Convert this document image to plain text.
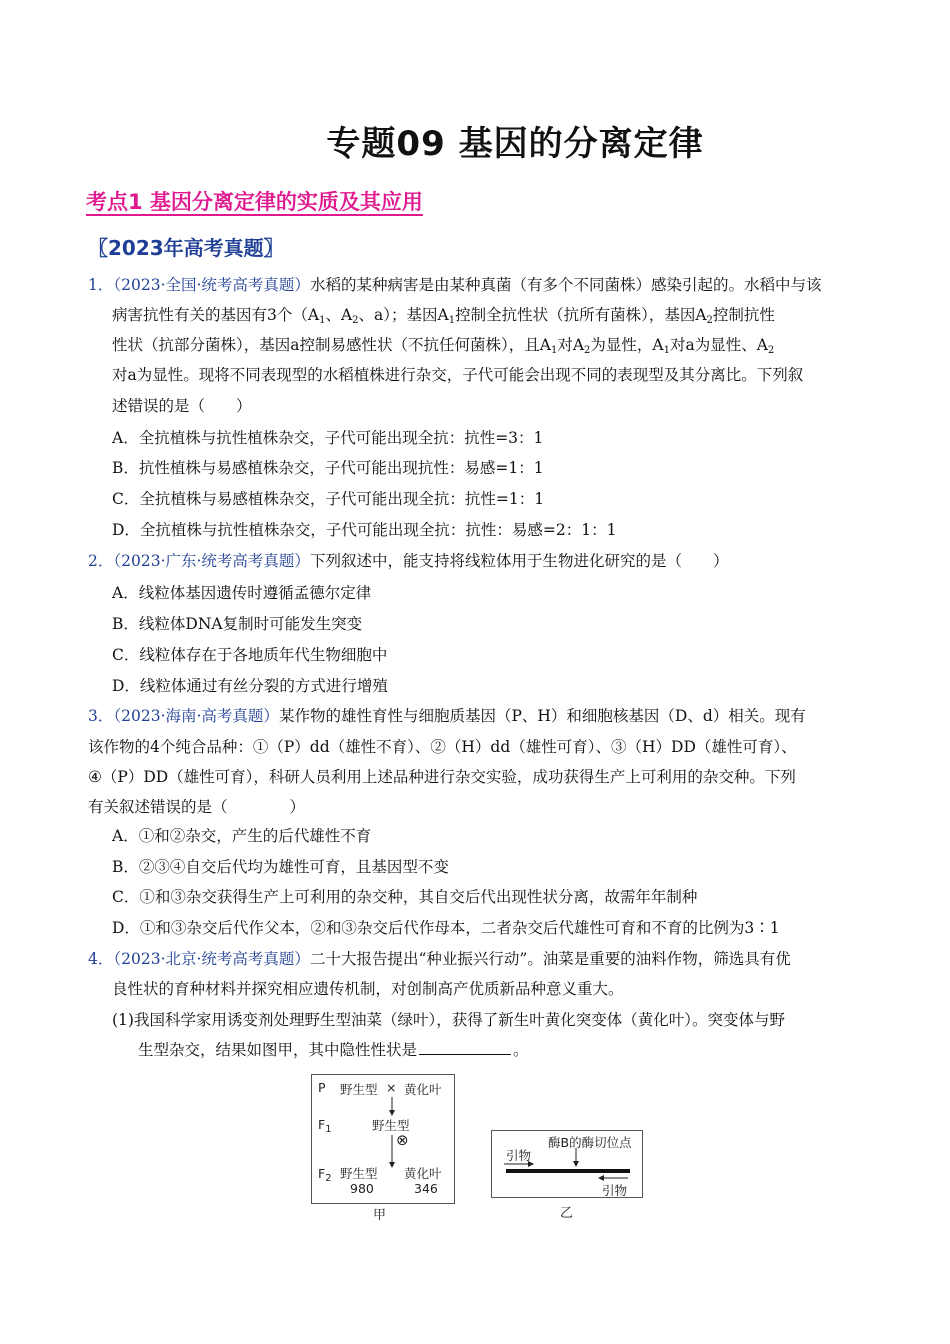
专题09 基因的分离定律
考点1 基因分离定律的实质及其应用
〖2023年高考真题〗
1．（2023·全国·统考高考真题）水稻的某种病害是由某种真菌（有多个不同菌株）感染引起的。水稻中与该
病害抗性有关的基因有3个（$A_1$、$A_2$、a）；基因$A_1$控制全抗性状（抗所有菌株），基因$A_2$控制抗性
性状（抗部分菌株），基因a控制易感性状（不抗任何菌株），且$A_1$对$A_2$为显性，$A_1$对a为显性、$A_2$
对a为显性。现将不同表现型的水稻植株进行杂交，子代可能会出现不同的表现型及其分离比。下列叙
述错误的是（　　）
A．全抗植株与抗性植株杂交，子代可能出现全抗：抗性=3：1
B．抗性植株与易感植株杂交，子代可能出现抗性：易感=1：1
C．全抗植株与易感植株杂交，子代可能出现全抗：抗性=1：1
D．全抗植株与抗性植株杂交，子代可能出现全抗：抗性：易感=2：1：1
2．（2023·广东·统考高考真题）下列叙述中，能支持将线粒体用于生物进化研究的是（　　）
A．线粒体基因遗传时遵循孟德尔定律
B．线粒体DNA复制时可能发生突变
C．线粒体存在于各地质年代生物细胞中
D．线粒体通过有丝分裂的方式进行增殖
3．（2023·海南·高考真题）某作物的雄性育性与细胞质基因（P、H）和细胞核基因（D、d）相关。现有
该作物的4个纯合品种：①（P）dd（雄性不育）、②（H）dd（雄性可育）、③（H）DD（雄性可育）、
④（P）DD（雄性可育），科研人员利用上述品种进行杂交实验，成功获得生产上可利用的杂交种。下列
有关叙述错误的是（　　　　）
A．①和②杂交，产生的后代雄性不育
B．②③④自交后代均为雄性可育，且基因型不变
C．①和③杂交获得生产上可利用的杂交种，其自交后代出现性状分离，故需年年制种
D．①和③杂交后代作父本，②和③杂交后代作母本，二者杂交后代雄性可育和不育的比例为3∶1
4．（2023·北京·统考高考真题）二十大报告提出“种业振兴行动”。油菜是重要的油料作物，筛选具有优
良性状的育种材料并探究相应遗传机制，对创制高产优质新品种意义重大。
(1)我国科学家用诱变剂处理野生型油菜（绿叶），获得了新生叶黄化突变体（黄化叶）。突变体与野
生型杂交，结果如图甲，其中隐性性状是	。
P 野生型 × 黄化叶
$F_1$	野生型
⊗
$F_2$ 野生型 黄化叶
980	346
甲
酶B的酶切位点
引物
引物
乙
